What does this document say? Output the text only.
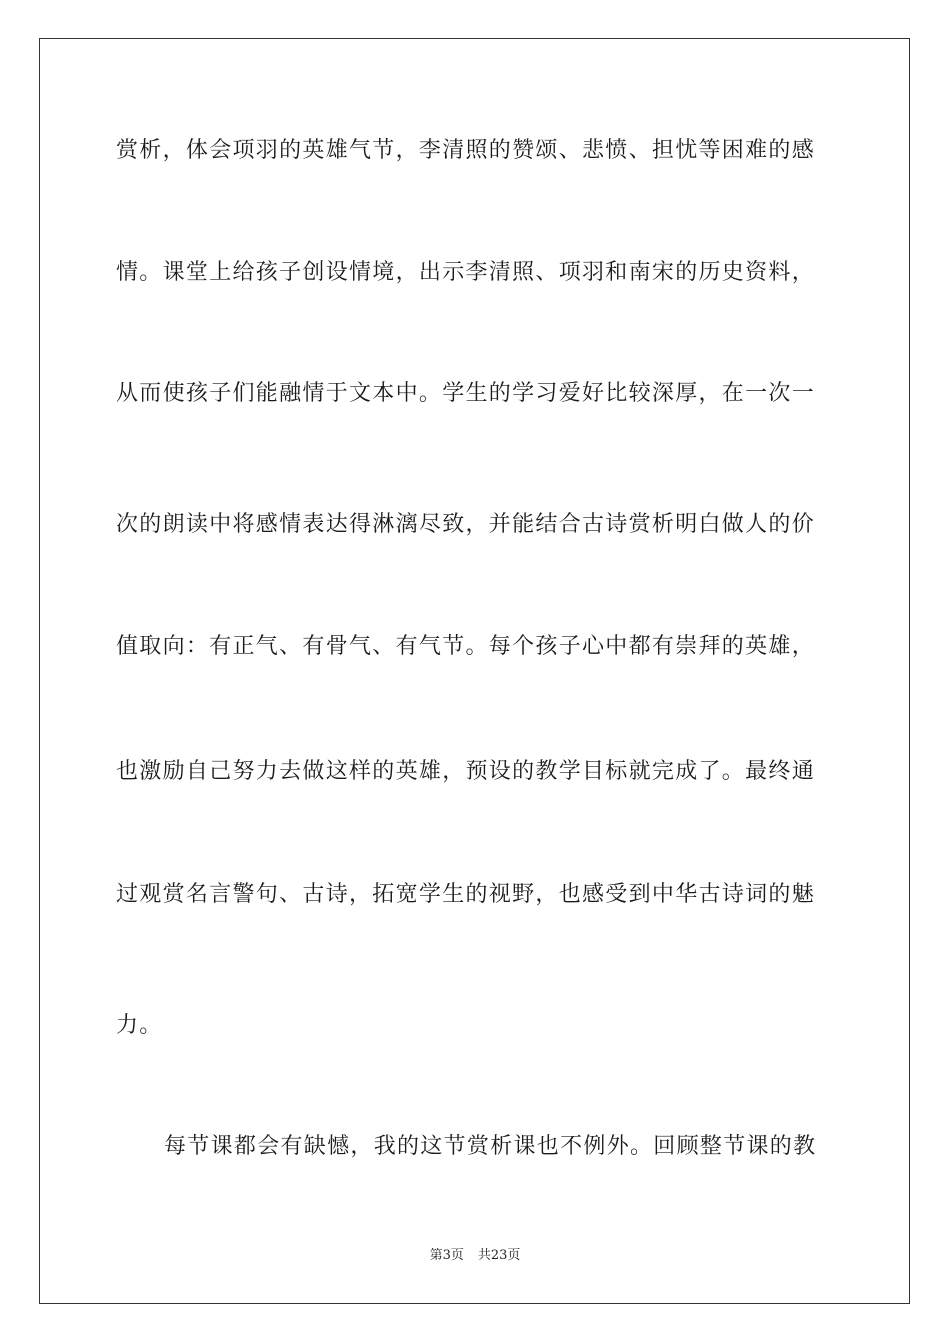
赏析，体会项羽的英雄气节，李清照的赞颂、悲愤、担忧等困难的感
情。课堂上给孩子创设情境，出示李清照、项羽和南宋的历史资料，
从而使孩子们能融情于文本中。学生的学习爱好比较深厚，在一次一
次的朗读中将感情表达得淋漓尽致，并能结合古诗赏析明白做人的价
值取向：有正气、有骨气、有气节。每个孩子心中都有崇拜的英雄，
也激励自己努力去做这样的英雄，预设的教学目标就完成了。最终通
过观赏名言警句、古诗，拓宽学生的视野，也感受到中华古诗词的魅
力。
每节课都会有缺憾，我的这节赏析课也不例外。回顾整节课的教
第3页 共23页
